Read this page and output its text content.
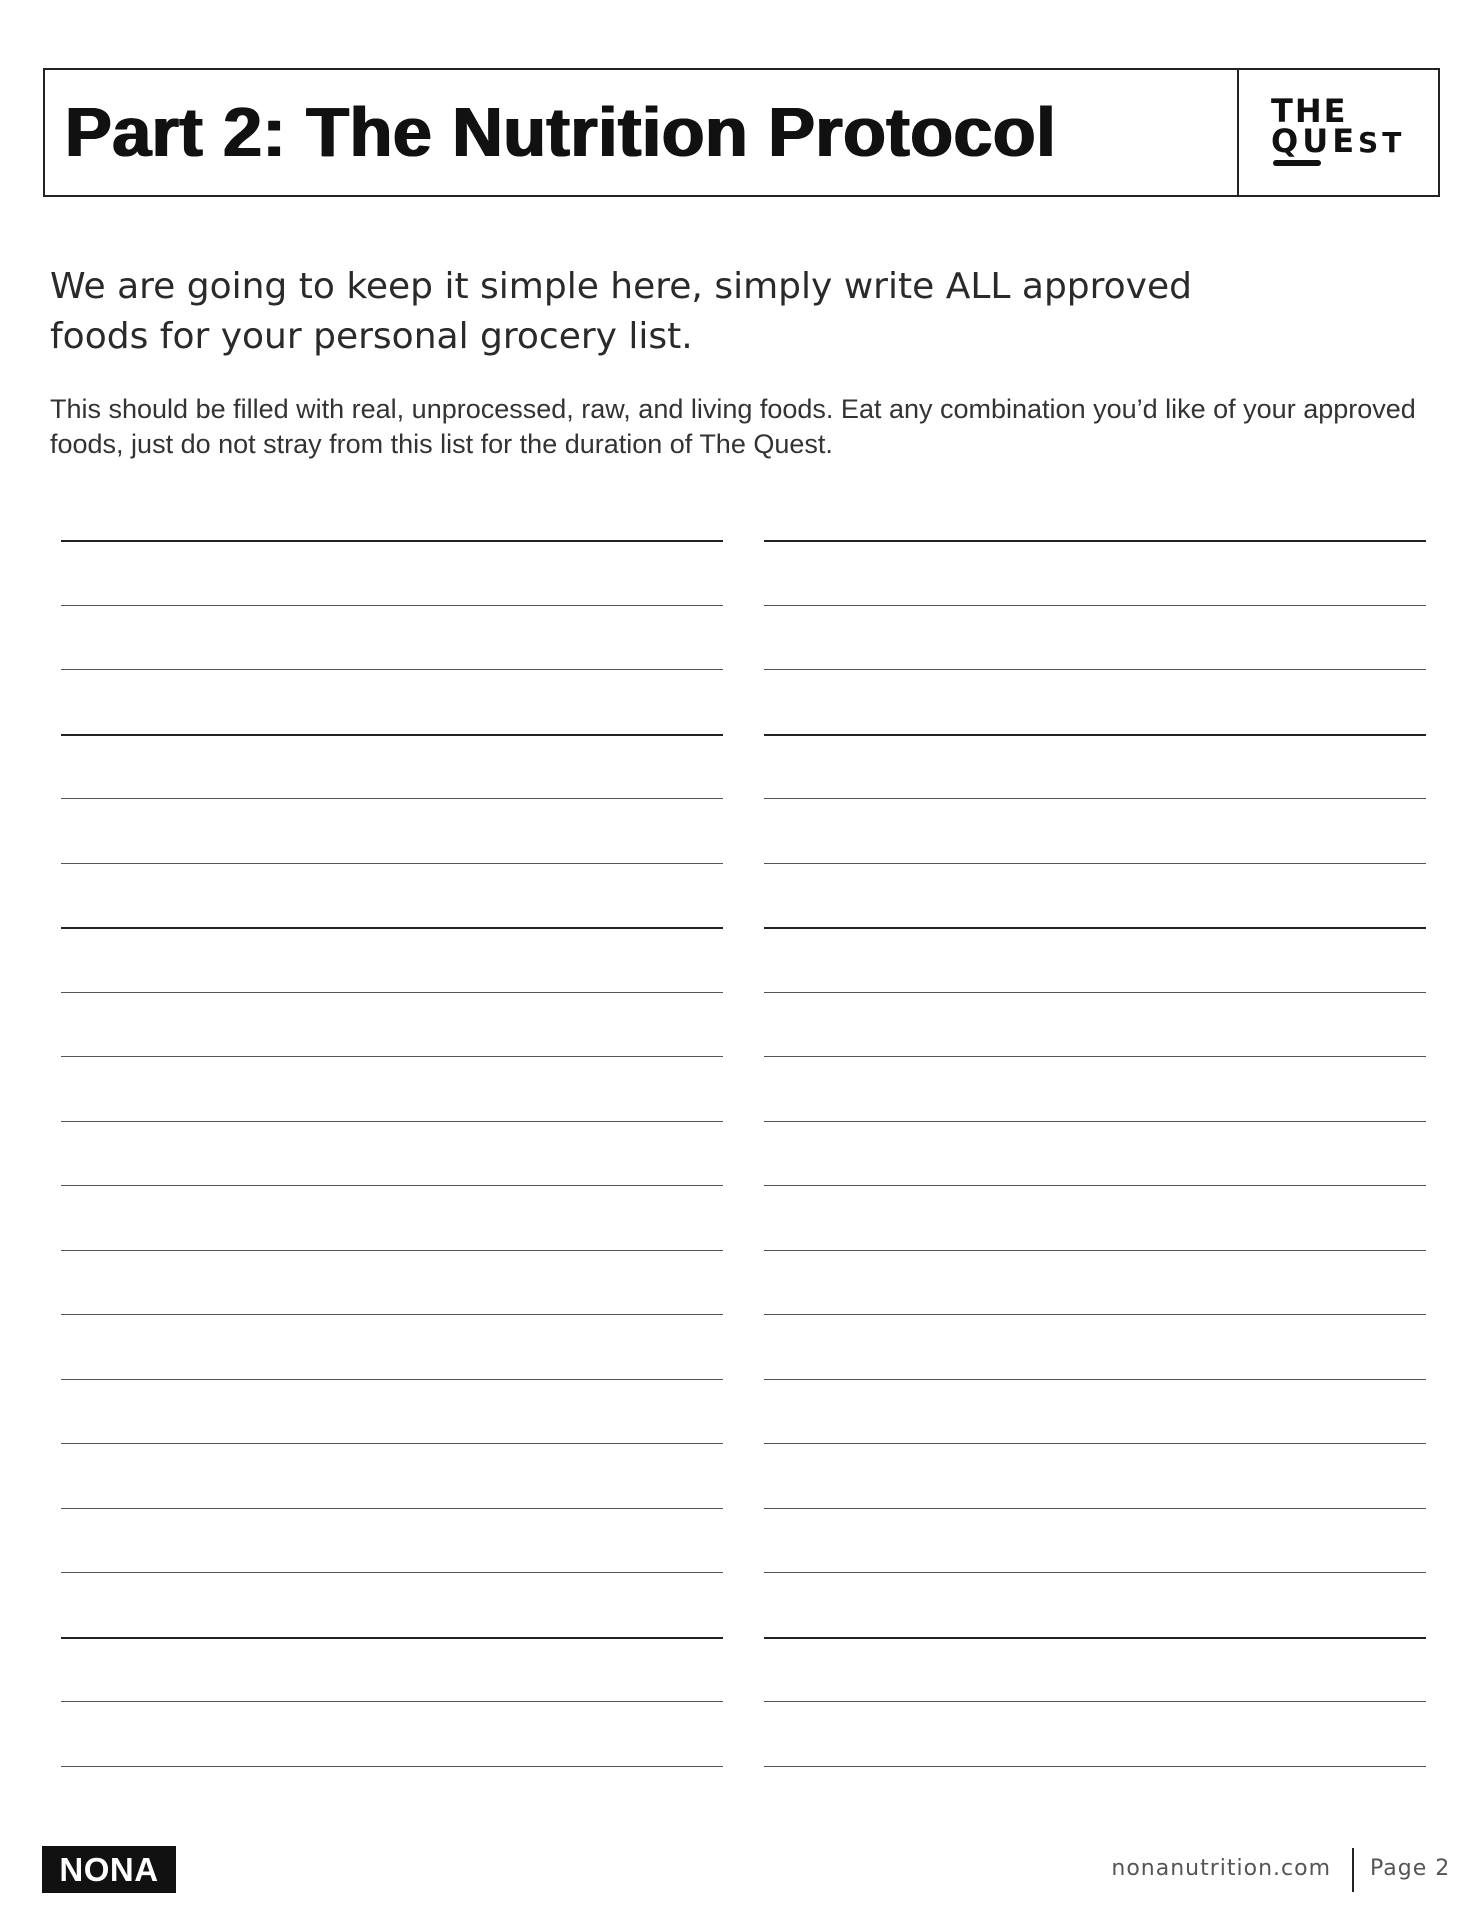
Part 2: The Nutrition Protocol	THE
QUEST

We are going to keep it simple here, simply write ALL approved foods for your personal grocery list.

This should be filled with real, unprocessed, raw, and living foods. Eat any combination you’d like of your approved foods, just do not stray from this list for the duration of The Quest.

NONA	nonanutrition.com Page 2
